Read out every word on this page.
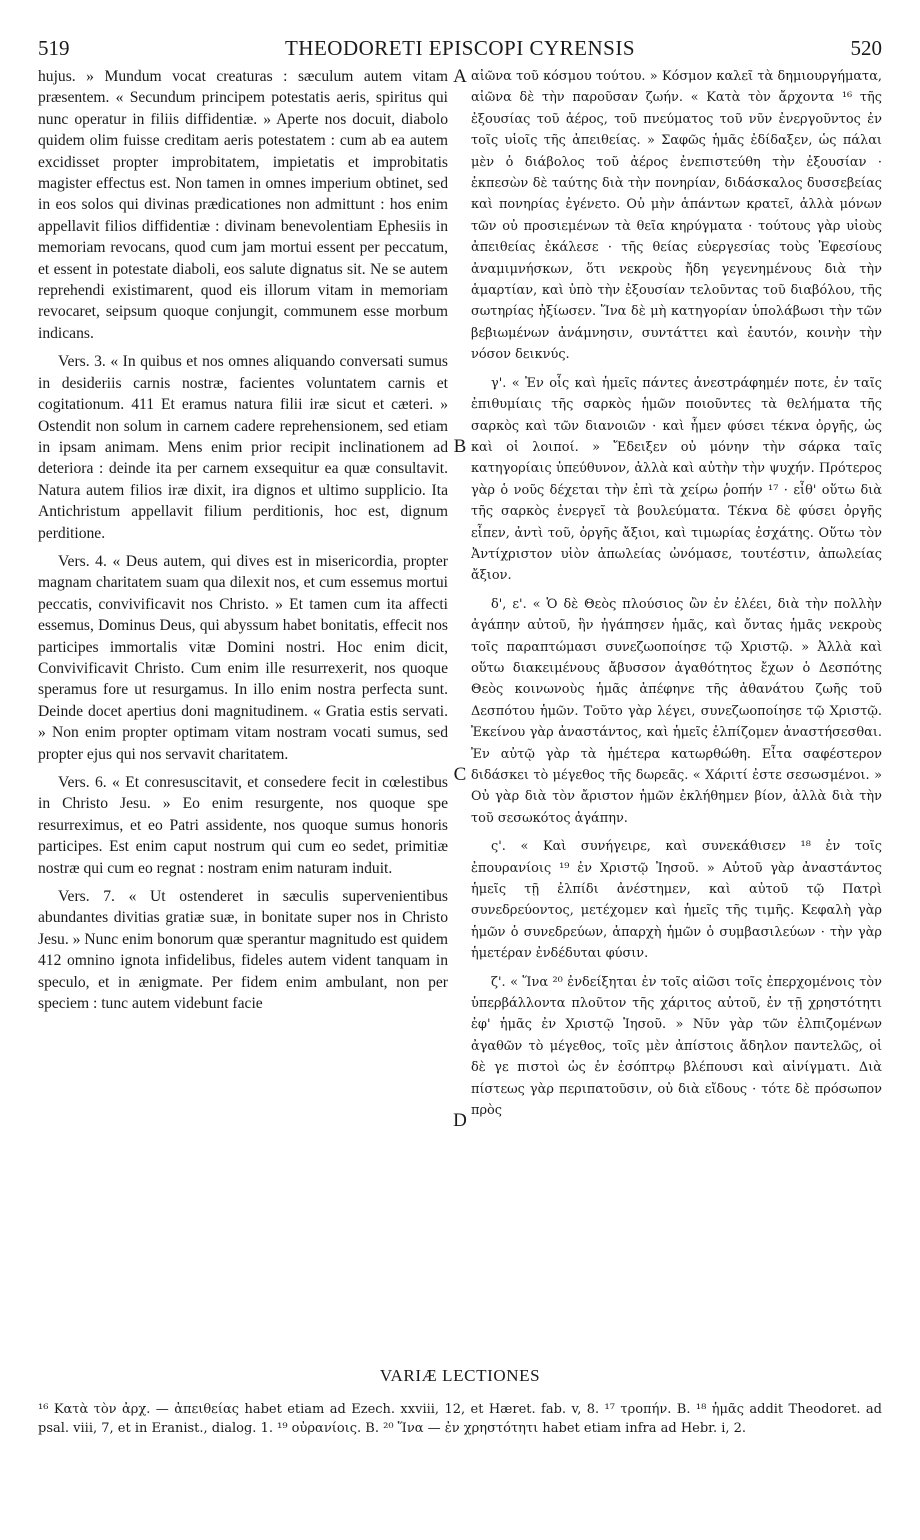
519	THEODORETI EPISCOPI CYRENSIS	520

hujus. » Mundum vocat creaturas : sæculum autem vitam præsentem. « Secundum principem potestatis aeris, spiritus qui nunc operatur in filiis diffidentiæ. » Aperte nos docuit, diabolo quidem olim fuisse creditam aeris potestatem : cum ab ea autem excidisset propter improbitatem, impietatis et improbitatis magister effectus est. Non tamen in omnes imperium obtinet, sed in eos solos qui divinas prædicationes non admittunt : hos enim appellavit filios diffidentiæ : divinam benevolentiam Ephesiis in memoriam revocans, quod cum jam mortui essent per peccatum, et essent in potestate diaboli, eos salute dignatus sit. Ne se autem reprehendi existimarent, quod eis illorum vitam in memoriam revocaret, seipsum quoque conjungit, communem esse morbum indicans.

Vers. 3. « In quibus et nos omnes aliquando conversati sumus in desideriis carnis nostræ, facientes voluntatem carnis et cogitationum. 411 Et eramus natura filii iræ sicut et cæteri. » Ostendit non solum in carnem cadere reprehensionem, sed etiam in ipsam animam. Mens enim prior recipit inclinationem ad deteriora : deinde ita per carnem exsequitur ea quæ consultavit. Natura autem filios iræ dixit, ira dignos et ultimo supplicio. Ita Antichristum appellavit filium perditionis, hoc est, dignum perditione.

Vers. 4. « Deus autem, qui dives est in misericordia, propter magnam charitatem suam qua dilexit nos, et cum essemus mortui peccatis, convivificavit nos Christo. » Et tamen cum ita affecti essemus, Dominus Deus, qui abyssum habet bonitatis, effecit nos participes immortalis vitæ Domini nostri. Hoc enim dicit, Convivificavit Christo. Cum enim ille resurrexerit, nos quoque speramus fore ut resurgamus. In illo enim nostra perfecta sunt. Deinde docet apertius doni magnitudinem. « Gratia estis servati. » Non enim propter optimam vitam nostram vocati sumus, sed propter ejus qui nos servavit charitatem.

Vers. 6. « Et conresuscitavit, et consedere fecit in cœlestibus in Christo Jesu. » Eo enim resurgente, nos quoque spe resurreximus, et eo Patri assidente, nos quoque sumus honoris participes. Est enim caput nostrum qui cum eo sedet, primitiæ nostræ qui cum eo regnat : nostram enim naturam induit.

Vers. 7. « Ut ostenderet in sæculis supervenientibus abundantes divitias gratiæ suæ, in bonitate super nos in Christo Jesu. » Nunc enim bonorum quæ sperantur magnitudo est quidem 412 omnino ignota infidelibus, fideles autem vident tanquam in speculo, et in ænigmate. Per fidem enim ambulant, non per speciem : tunc autem videbunt facie

αἰῶνα τοῦ κόσμου τούτου. » Κόσμον καλεῖ τὰ δημιουργήματα, αἰῶνα δὲ τὴν παροῦσαν ζωήν. « Κατὰ τὸν ἄρχοντα ¹⁶ τῆς ἐξουσίας τοῦ ἀέρος, τοῦ πνεύματος τοῦ νῦν ἐνεργοῦντος ἐν τοῖς υἱοῖς τῆς ἀπειθείας. » Σαφῶς ἡμᾶς ἐδίδαξεν, ὡς πάλαι μὲν ὁ διάβολος τοῦ ἀέρος ἐνεπιστεύθη τὴν ἐξουσίαν · ἐκπεσὼν δὲ ταύτης διὰ τὴν πονηρίαν, διδάσκαλος δυσσεβείας καὶ πονηρίας ἐγένετο. Οὐ μὴν ἁπάντων κρατεῖ, ἀλλὰ μόνων τῶν οὐ προσιεμένων τὰ θεῖα κηρύγματα · τούτους γὰρ υἱοὺς ἀπειθείας ἐκάλεσε · τῆς θείας εὐεργεσίας τοὺς Ἐφεσίους ἀναμιμνήσκων, ὅτι νεκροὺς ἤδη γεγενημένους διὰ τὴν ἁμαρτίαν, καὶ ὑπὸ τὴν ἐξουσίαν τελοῦντας τοῦ διαβόλου, τῆς σωτηρίας ἠξίωσεν. Ἵνα δὲ μὴ κατηγορίαν ὑπολάβωσι τὴν τῶν βεβιωμένων ἀνάμνησιν, συντάττει καὶ ἑαυτόν, κοινὴν τὴν νόσον δεικνύς.

γ'. « Ἐν οἷς καὶ ἡμεῖς πάντες ἀνεστράφημέν ποτε, ἐν ταῖς ἐπιθυμίαις τῆς σαρκὸς ἡμῶν ποιοῦντες τὰ θελήματα τῆς σαρκὸς καὶ τῶν διανοιῶν · καὶ ἦμεν φύσει τέκνα ὀργῆς, ὡς καὶ οἱ λοιποί. » Ἔδειξεν οὐ μόνην τὴν σάρκα ταῖς κατηγορίαις ὑπεύθυνον, ἀλλὰ καὶ αὐτὴν τὴν ψυχήν. Πρότερος γὰρ ὁ νοῦς δέχεται τὴν ἐπὶ τὰ χείρω ῥοπήν ¹⁷ · εἶθ' οὕτω διὰ τῆς σαρκὸς ἐνεργεῖ τὰ βουλεύματα. Τέκνα δὲ φύσει ὀργῆς εἶπεν, ἀντὶ τοῦ, ὀργῆς ἄξιοι, καὶ τιμωρίας ἐσχάτης. Οὕτω τὸν Ἀντίχριστον υἱὸν ἀπωλείας ὠνόμασε, τουτέστιν, ἀπωλείας ἄξιον.

δ', ε'. « Ὁ δὲ Θεὸς πλούσιος ὢν ἐν ἐλέει, διὰ τὴν πολλὴν ἀγάπην αὐτοῦ, ἣν ἠγάπησεν ἡμᾶς, καὶ ὄντας ἡμᾶς νεκροὺς τοῖς παραπτώμασι συνεζωοποίησε τῷ Χριστῷ. » Ἀλλὰ καὶ οὕτω διακειμένους ἄβυσσον ἀγαθότητος ἔχων ὁ Δεσπότης Θεὸς κοινωνοὺς ἡμᾶς ἀπέφηνε τῆς ἀθανάτου ζωῆς τοῦ Δεσπότου ἡμῶν. Τοῦτο γὰρ λέγει, συνεζωοποίησε τῷ Χριστῷ. Ἐκείνου γὰρ ἀναστάντος, καὶ ἡμεῖς ἐλπίζομεν ἀναστήσεσθαι. Ἐν αὐτῷ γὰρ τὰ ἡμέτερα κατωρθώθη. Εἶτα σαφέστερον διδάσκει τὸ μέγεθος τῆς δωρεᾶς. « Χάριτί ἐστε σεσωσμένοι. » Οὐ γὰρ διὰ τὸν ἄριστον ἡμῶν ἐκλήθημεν βίον, ἀλλὰ διὰ τὴν τοῦ σεσωκότος ἀγάπην.

ς'. « Καὶ συνήγειρε, καὶ συνεκάθισεν ¹⁸ ἐν τοῖς ἐπουρανίοις ¹⁹ ἐν Χριστῷ Ἰησοῦ. » Αὐτοῦ γὰρ ἀναστάντος ἡμεῖς τῇ ἐλπίδι ἀνέστημεν, καὶ αὐτοῦ τῷ Πατρὶ συνεδρεύοντος, μετέχομεν καὶ ἡμεῖς τῆς τιμῆς. Κεφαλὴ γὰρ ἡμῶν ὁ συνεδρεύων, ἀπαρχὴ ἡμῶν ὁ συμβασιλεύων · τὴν γὰρ ἡμετέραν ἐνδέδυται φύσιν.

ζ'. « Ἵνα ²⁰ ἐνδείξηται ἐν τοῖς αἰῶσι τοῖς ἐπερχομένοις τὸν ὑπερβάλλοντα πλοῦτον τῆς χάριτος αὐτοῦ, ἐν τῇ χρηστότητι ἐφ' ἡμᾶς ἐν Χριστῷ Ἰησοῦ. » Νῦν γὰρ τῶν ἐλπιζομένων ἀγαθῶν τὸ μέγεθος, τοῖς μὲν ἀπίστοις ἄδηλον παντελῶς, οἱ δὲ γε πιστοὶ ὡς ἐν ἐσόπτρῳ βλέπουσι καὶ αἰνίγματι. Διὰ πίστεως γὰρ περιπατοῦσιν, οὐ διὰ εἴδους · τότε δὲ πρόσωπον πρὸς

A
B
C
D
VARIÆ LECTIONES
¹⁶ Κατὰ τὸν ἀρχ. — ἀπειθείας habet etiam ad Ezech. xxviii, 12, et Hæret. fab. v, 8. ¹⁷ τροπήν. B. ¹⁸ ἡμᾶς addit Theodoret. ad psal. viii, 7, et in Eranist., dialog. 1. ¹⁹ οὐρανίοις. B. ²⁰ Ἵνα — ἐν χρηστότητι habet etiam infra ad Hebr. i, 2.
